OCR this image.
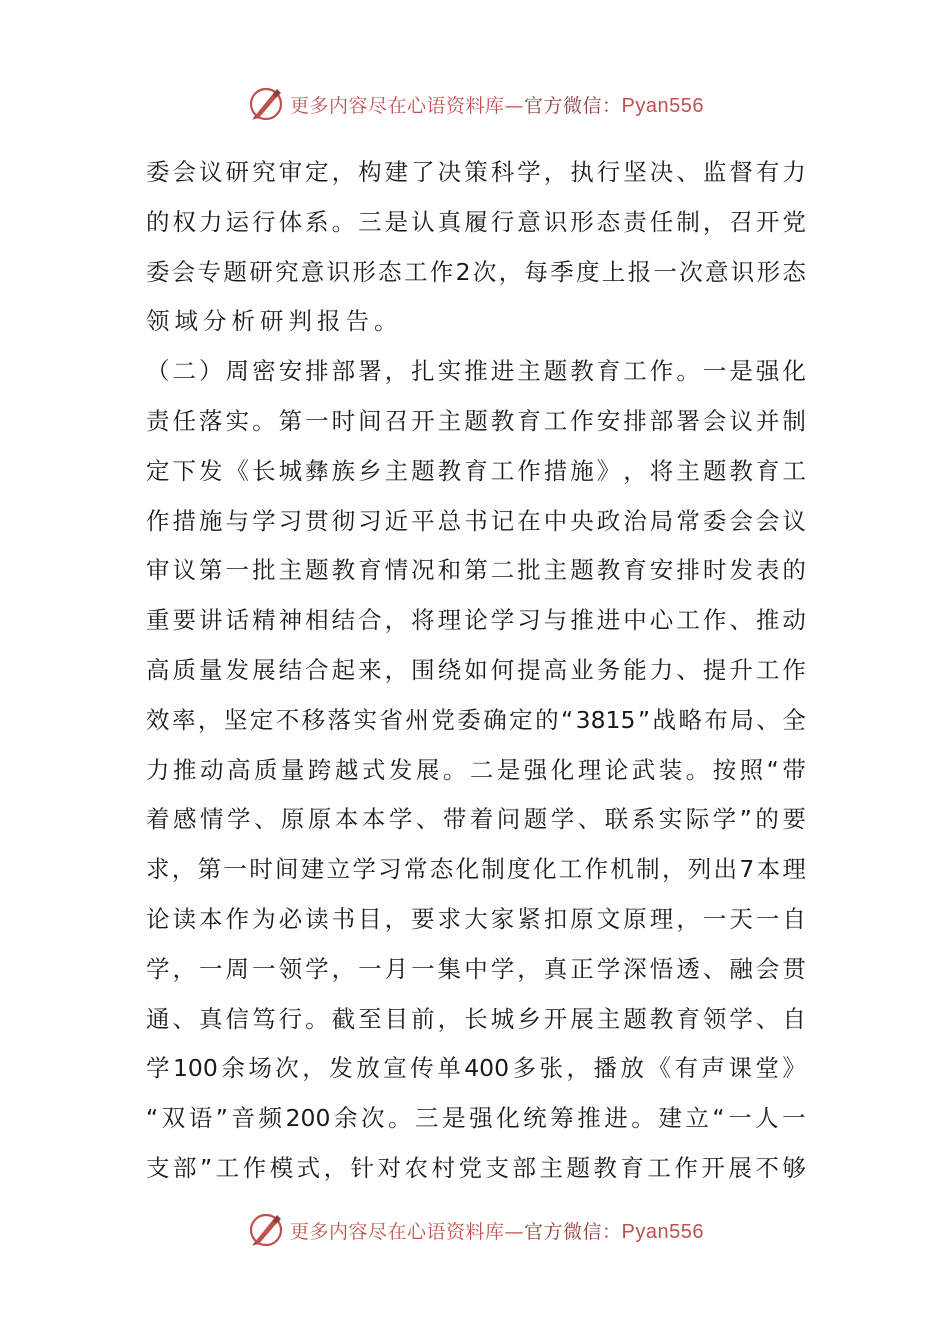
更多内容尽在心语资料库—官方微信：Pyan556
委 会 议 研 究 审 定 ， 构 建 了 决 策 科 学 ， 执 行 坚 决 、 监 督 有 力
的 权 力 运 行 体 系 。 三 是 认 真 履 行 意 识 形 态 责 任 制 ， 召 开 党
委 会 专 题 研 究 意 识 形 态 工 作 2 次 ， 每 季 度 上 报 一 次 意 识 形 态
领域分析研判报告。
（ 二 ） 周 密 安 排 部 署 ， 扎 实 推 进 主 题 教 育 工 作 。 一 是 强 化
责 任 落 实 。 第 一 时 间 召 开 主 题 教 育 工 作 安 排 部 署 会 议 并 制
定 下 发 《 长 城 彝 族 乡 主 题 教 育 工 作 措 施 》 ， 将 主 题 教 育 工
作 措 施 与 学 习 贯 彻 习 近 平 总 书 记 在 中 央 政 治 局 常 委 会 会 议
审 议 第 一 批 主 题 教 育 情 况 和 第 二 批 主 题 教 育 安 排 时 发 表 的
重 要 讲 话 精 神 相 结 合 ， 将 理 论 学 习 与 推 进 中 心 工 作 、 推 动
高 质 量 发 展 结 合 起 来 ， 围 绕 如 何 提 高 业 务 能 力 、 提 升 工 作
效 率 ， 坚 定 不 移 落 实 省 州 党 委 确 定 的 “ 3815 ” 战 略 布 局 、 全
力 推 动 高 质 量 跨 越 式 发 展 。 二 是 强 化 理 论 武 装 。 按 照 “ 带
着 感 情 学 、 原 原 本 本 学 、 带 着 问 题 学 、 联 系 实 际 学 ” 的 要
求 ， 第 一 时 间 建 立 学 习 常 态 化 制 度 化 工 作 机 制 ， 列 出 7 本 理
论 读 本 作 为 必 读 书 目 ， 要 求 大 家 紧 扣 原 文 原 理 ， 一 天 一 自
学 ， 一 周 一 领 学 ， 一 月 一 集 中 学 ， 真 正 学 深 悟 透 、 融 会 贯
通 、 真 信 笃 行 。 截 至 目 前 ， 长 城 乡 开 展 主 题 教 育 领 学 、 自
学 100 余 场 次 ， 发 放 宣 传 单 400 多 张 ， 播 放 《 有 声 课 堂 》
“ 双 语 ” 音 频 200 余 次 。 三 是 强 化 统 筹 推 进 。 建 立 “ 一 人 一
支 部 ” 工 作 模 式 ， 针 对 农 村 党 支 部 主 题 教 育 工 作 开 展 不 够
更多内容尽在心语资料库—官方微信：Pyan556
